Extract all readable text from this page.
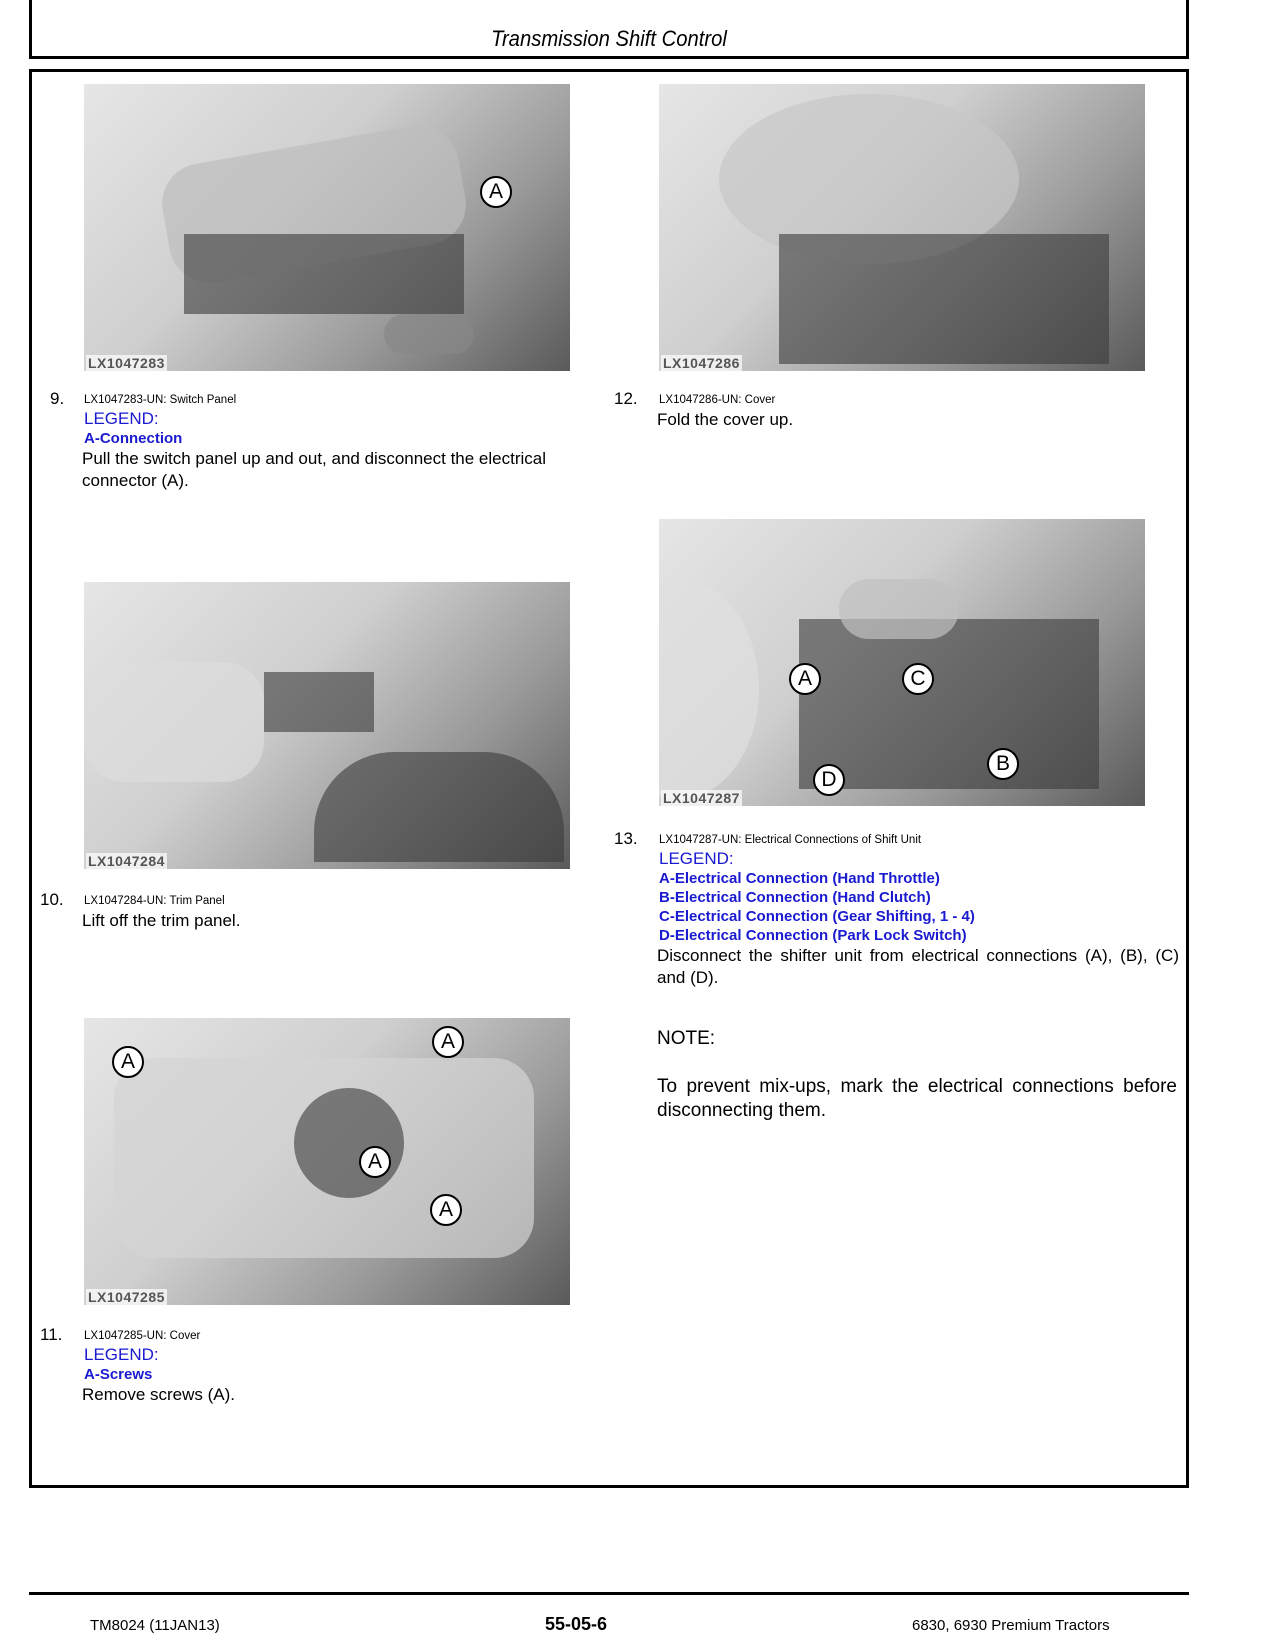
Transmission Shift Control
A
LX1047283
9. LX1047283-UN: Switch Panel
LEGEND:
A-Connection
Pull the switch panel up and out, and disconnect the electrical connector (A).
LX1047284
10. LX1047284-UN: Trim Panel
Lift off the trim panel.
A
A
A
A
LX1047285
11. LX1047285-UN: Cover
LEGEND:
A-Screws
Remove screws (A).
LX1047286
12. LX1047286-UN: Cover
Fold the cover up.
A	C
B
D
LX1047287
13. LX1047287-UN: Electrical Connections of Shift Unit
LEGEND:
A-Electrical Connection (Hand Throttle)
B-Electrical Connection (Hand Clutch)
C-Electrical Connection (Gear Shifting, 1 - 4)
D-Electrical Connection (Park Lock Switch)
Disconnect the shifter unit from electrical connections (A), (B), (C) and (D).
NOTE:
To prevent mix-ups, mark the electrical connections before disconnecting them.
TM8024 (11JAN13)	55-05-6	6830, 6930 Premium Tractors
